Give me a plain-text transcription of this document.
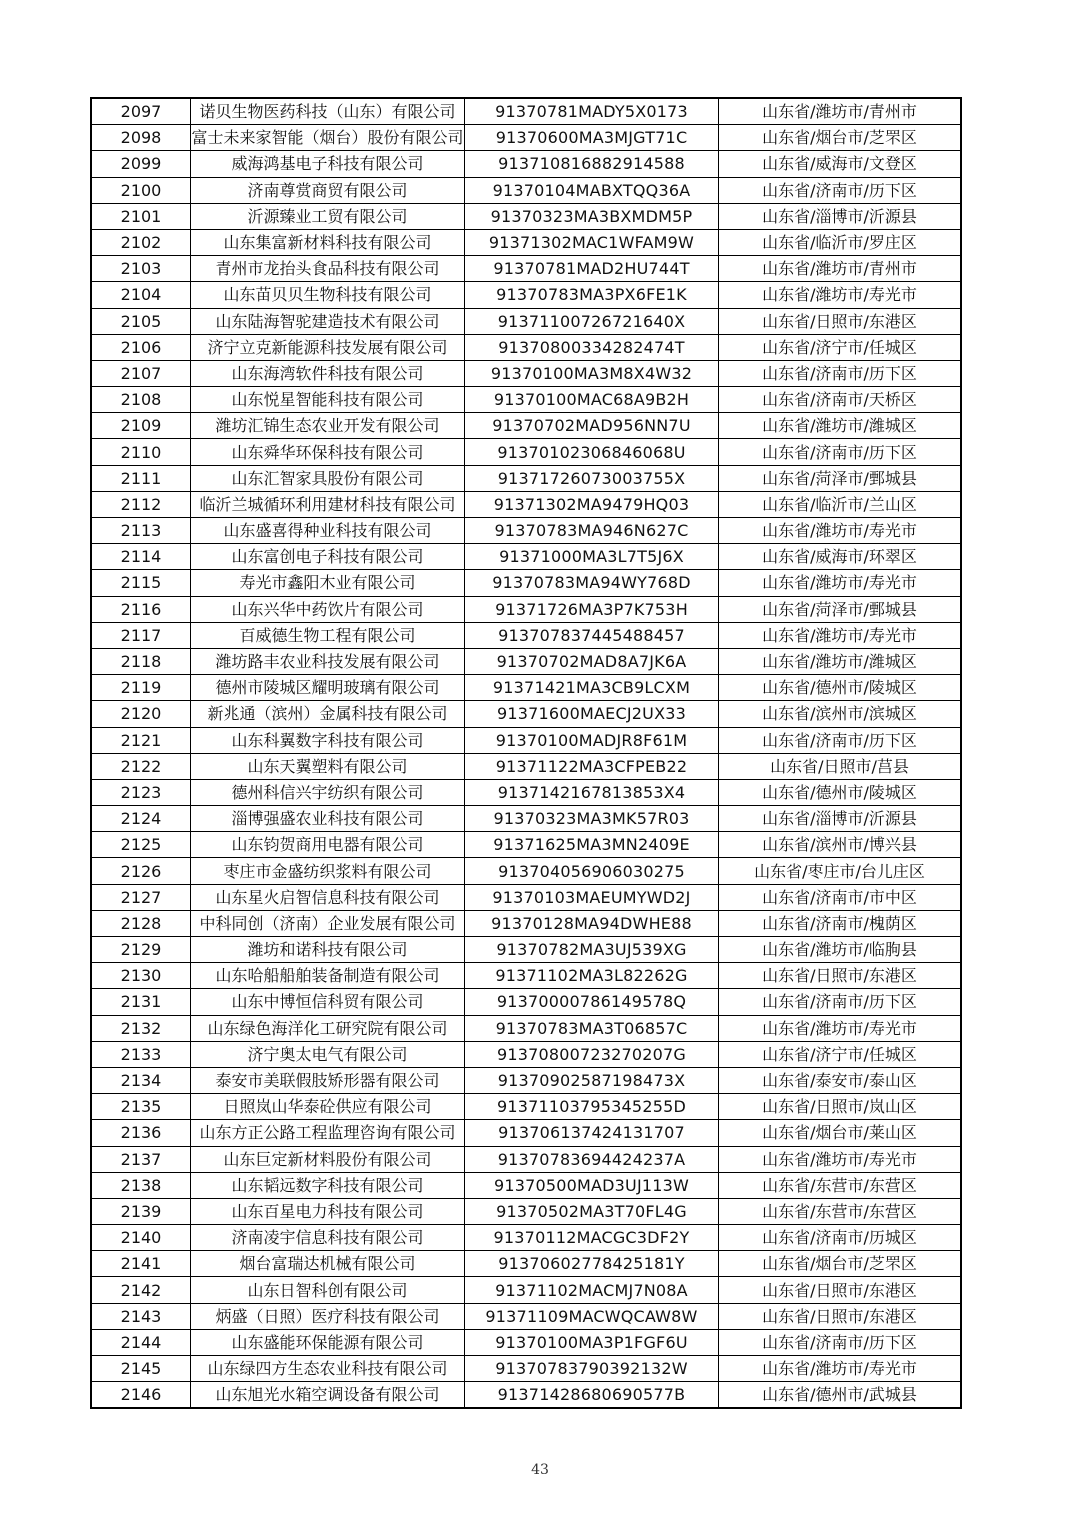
2097	诺贝生物医药科技（山东）有限公司	91370781MADY5X0173	山东省/潍坊市/青州市
2098	富士未来家智能（烟台）股份有限公司	91370600MA3MJGT71C	山东省/烟台市/芝罘区
2099	威海鸿基电子科技有限公司	913710816882914588	山东省/威海市/文登区
2100	济南尊赏商贸有限公司	91370104MABXTQQ36A	山东省/济南市/历下区
2101	沂源臻业工贸有限公司	91370323MA3BXMDM5P	山东省/淄博市/沂源县
2102	山东集富新材料科技有限公司	91371302MAC1WFAM9W	山东省/临沂市/罗庄区
2103	青州市龙抬头食品科技有限公司	91370781MAD2HU744T	山东省/潍坊市/青州市
2104	山东苗贝贝生物科技有限公司	91370783MA3PX6FE1K	山东省/潍坊市/寿光市
2105	山东陆海智驼建造技术有限公司	91371100726721640X	山东省/日照市/东港区
2106	济宁立克新能源科技发展有限公司	91370800334282474T	山东省/济宁市/任城区
2107	山东海湾软件科技有限公司	91370100MA3M8X4W32	山东省/济南市/历下区
2108	山东悦星智能科技有限公司	91370100MAC68A9B2H	山东省/济南市/天桥区
2109	潍坊汇锦生态农业开发有限公司	91370702MAD956NN7U	山东省/潍坊市/潍城区
2110	山东舜华环保科技有限公司	91370102306846068U	山东省/济南市/历下区
2111	山东汇智家具股份有限公司	91371726073003755X	山东省/菏泽市/鄄城县
2112	临沂兰城循环利用建材科技有限公司	91371302MA9479HQ03	山东省/临沂市/兰山区
2113	山东盛喜得种业科技有限公司	91370783MA946N627C	山东省/潍坊市/寿光市
2114	山东富创电子科技有限公司	91371000MA3L7T5J6X	山东省/威海市/环翠区
2115	寿光市鑫阳木业有限公司	91370783MA94WY768D	山东省/潍坊市/寿光市
2116	山东兴华中药饮片有限公司	91371726MA3P7K753H	山东省/菏泽市/鄄城县
2117	百威德生物工程有限公司	913707837445488457	山东省/潍坊市/寿光市
2118	潍坊路丰农业科技发展有限公司	91370702MAD8A7JK6A	山东省/潍坊市/潍城区
2119	德州市陵城区耀明玻璃有限公司	91371421MA3CB9LCXM	山东省/德州市/陵城区
2120	新兆通（滨州）金属科技有限公司	91371600MAECJ2UX33	山东省/滨州市/滨城区
2121	山东科翼数字科技有限公司	91370100MADJR8F61M	山东省/济南市/历下区
2122	山东天翼塑料有限公司	91371122MA3CFPEB22	山东省/日照市/莒县
2123	德州科信兴宇纺织有限公司	9137142167813853X4	山东省/德州市/陵城区
2124	淄博强盛农业科技有限公司	91370323MA3MK57R03	山东省/淄博市/沂源县
2125	山东钧贺商用电器有限公司	91371625MA3MN2409E	山东省/滨州市/博兴县
2126	枣庄市金盛纺织浆料有限公司	913704056906030275	山东省/枣庄市/台儿庄区
2127	山东星火启智信息科技有限公司	91370103MAEUMYWD2J	山东省/济南市/市中区
2128	中科同创（济南）企业发展有限公司	91370128MA94DWHE88	山东省/济南市/槐荫区
2129	潍坊和诺科技有限公司	91370782MA3UJ539XG	山东省/潍坊市/临朐县
2130	山东哈船船舶装备制造有限公司	91371102MA3L82262G	山东省/日照市/东港区
2131	山东中博恒信科贸有限公司	91370000786149578Q	山东省/济南市/历下区
2132	山东绿色海洋化工研究院有限公司	91370783MA3T06857C	山东省/潍坊市/寿光市
2133	济宁奥太电气有限公司	91370800723270207G	山东省/济宁市/任城区
2134	泰安市美联假肢矫形器有限公司	91370902587198473X	山东省/泰安市/泰山区
2135	日照岚山华泰砼供应有限公司	91371103795345255D	山东省/日照市/岚山区
2136	山东方正公路工程监理咨询有限公司	913706137424131707	山东省/烟台市/莱山区
2137	山东巨定新材料股份有限公司	91370783694424237A	山东省/潍坊市/寿光市
2138	山东韬远数字科技有限公司	91370500MAD3UJ113W	山东省/东营市/东营区
2139	山东百星电力科技有限公司	91370502MA3T70FL4G	山东省/东营市/东营区
2140	济南凌宇信息科技有限公司	91370112MACGC3DF2Y	山东省/济南市/历城区
2141	烟台富瑞达机械有限公司	91370602778425181Y	山东省/烟台市/芝罘区
2142	山东日智科创有限公司	91371102MACMJ7N08A	山东省/日照市/东港区
2143	炳盛（日照）医疗科技有限公司	91371109MACWQCAW8W	山东省/日照市/东港区
2144	山东盛能环保能源有限公司	91370100MA3P1FGF6U	山东省/济南市/历下区
2145	山东绿四方生态农业科技有限公司	91370783790392132W	山东省/潍坊市/寿光市
2146	山东旭光水箱空调设备有限公司	91371428680690577B	山东省/德州市/武城县
43
